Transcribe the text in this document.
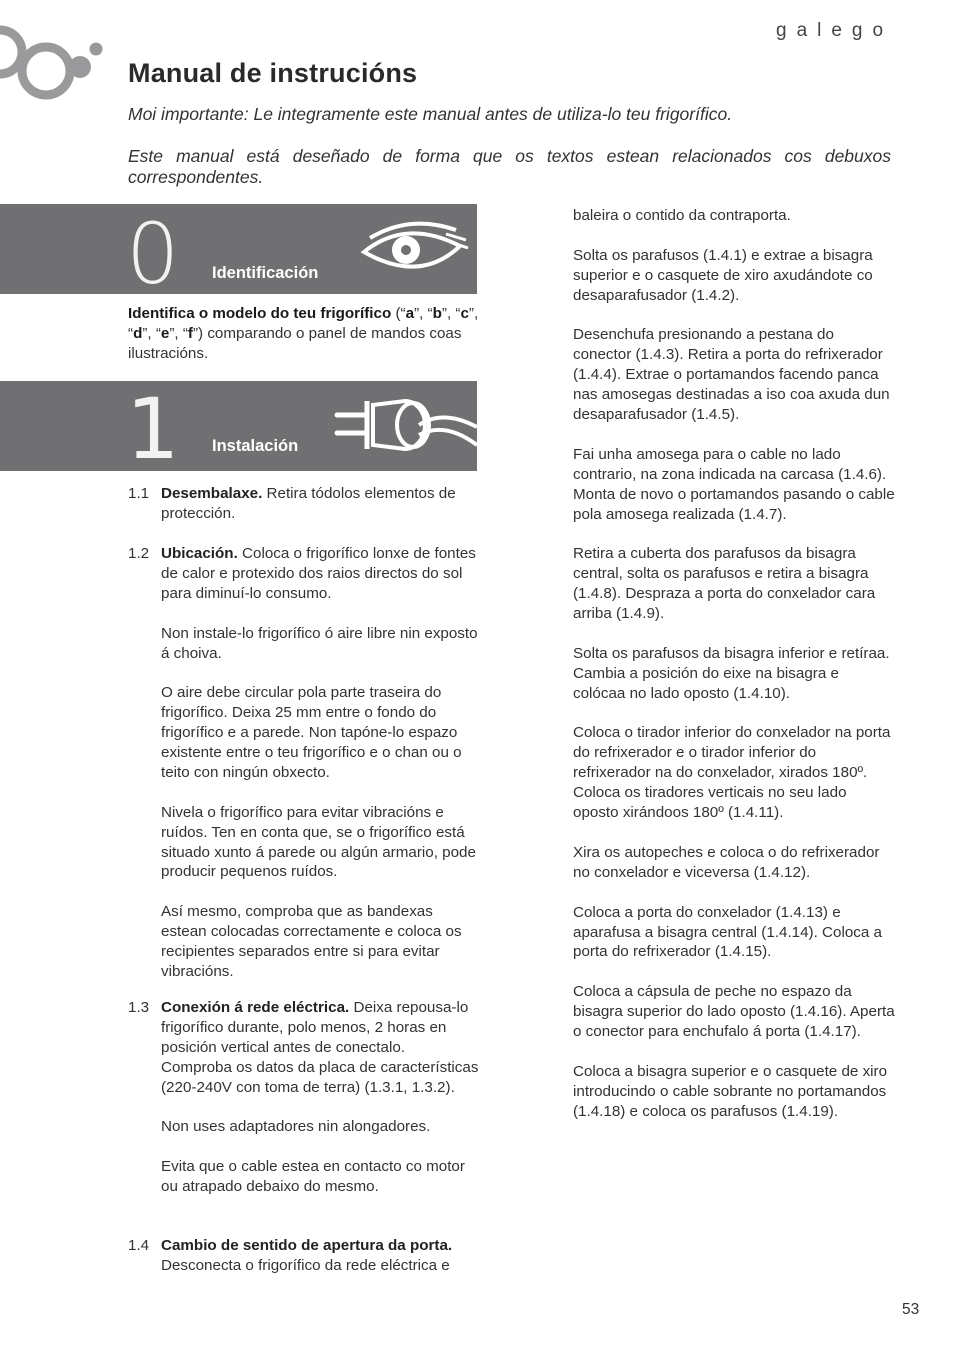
galego
Manual de instrucións

Moi importante: Le integramente este manual antes de utiliza-lo teu frigorífico.

Este manual está deseñado de forma que os textos estean relacionados cos debuxos
correspondentes.

0 Identificación
Identifica o modelo do teu frigorífico (“a”, “b”, “c”, “d”, “e”, “f”) comparando o panel de mandos coas ilustracións.
1 Instalación
1.1 Desembalaxe. Retira tódolos elementos de protección.

1.2 Ubicación. Coloca o frigorífico lonxe de fontes de calor e protexido dos raios directos do sol para diminuí-lo consumo.

Non instale-lo frigorífico ó aire libre nin exposto á choiva.

O aire debe circular pola parte traseira do frigorífico. Deixa 25 mm entre o fondo do frigorífico e a parede. Non tapóne-lo espazo existente entre o teu frigorífico e o chan ou o teito con ningún obxecto.

Nivela o frigorífico para evitar vibracións e ruídos. Ten en conta que, se o frigorífico está situado xunto á parede ou algún armario, pode producir pequenos ruídos.

Así mesmo, comproba que as bandexas estean colocadas correctamente e coloca os recipientes separados entre si para evitar vibracións.

1.3 Conexión á rede eléctrica. Deixa repousa-lo frigorífico durante, polo menos, 2 horas en posición vertical antes de conectalo. Comproba os datos da placa de características (220-240V con toma de terra) (1.3.1, 1.3.2).

Non uses adaptadores nin alongadores.

Evita que o cable estea en contacto co motor ou atrapado debaixo do mesmo.

1.4 Cambio de sentido de apertura da porta.
Desconecta o frigorífico da rede eléctrica e

baleira o contido da contraporta.

Solta os parafusos (1.4.1) e extrae a bisagra superior e o casquete de xiro axudándote co desaparafusador (1.4.2).

Desenchufa presionando a pestana do conector (1.4.3). Retira a porta do refrixerador (1.4.4). Extrae o portamandos facendo panca nas amosegas destinadas a iso coa axuda dun desaparafusador (1.4.5).

Fai unha amosega para o cable no lado contrario, na zona indicada na carcasa (1.4.6). Monta de novo o portamandos pasando o cable pola amosega realizada (1.4.7).

Retira a cuberta dos parafusos da bisagra central, solta os parafusos e retira a bisagra (1.4.8). Despraza a porta do conxelador cara arriba (1.4.9).

Solta os parafusos da bisagra inferior e retíraa. Cambia a posición do eixe na bisagra e colócaa no lado oposto (1.4.10).

Coloca o tirador inferior do conxelador na porta do refrixerador e o tirador inferior do refrixerador na do conxelador, xirados 180º. Coloca os tiradores verticais no seu lado oposto xirándoos 180º (1.4.11).

Xira os autopeches e coloca o do refrixerador no conxelador e viceversa (1.4.12).

Coloca a porta do conxelador (1.4.13) e aparafusa a bisagra central (1.4.14). Coloca a porta do refrixerador (1.4.15).

Coloca a cápsula de peche no espazo da bisagra superior do lado oposto (1.4.16). Aperta o conector para enchufalo á porta (1.4.17).

Coloca a bisagra superior e o casquete de xiro introducindo o cable sobrante no portamandos (1.4.18) e coloca os parafusos (1.4.19).

53
